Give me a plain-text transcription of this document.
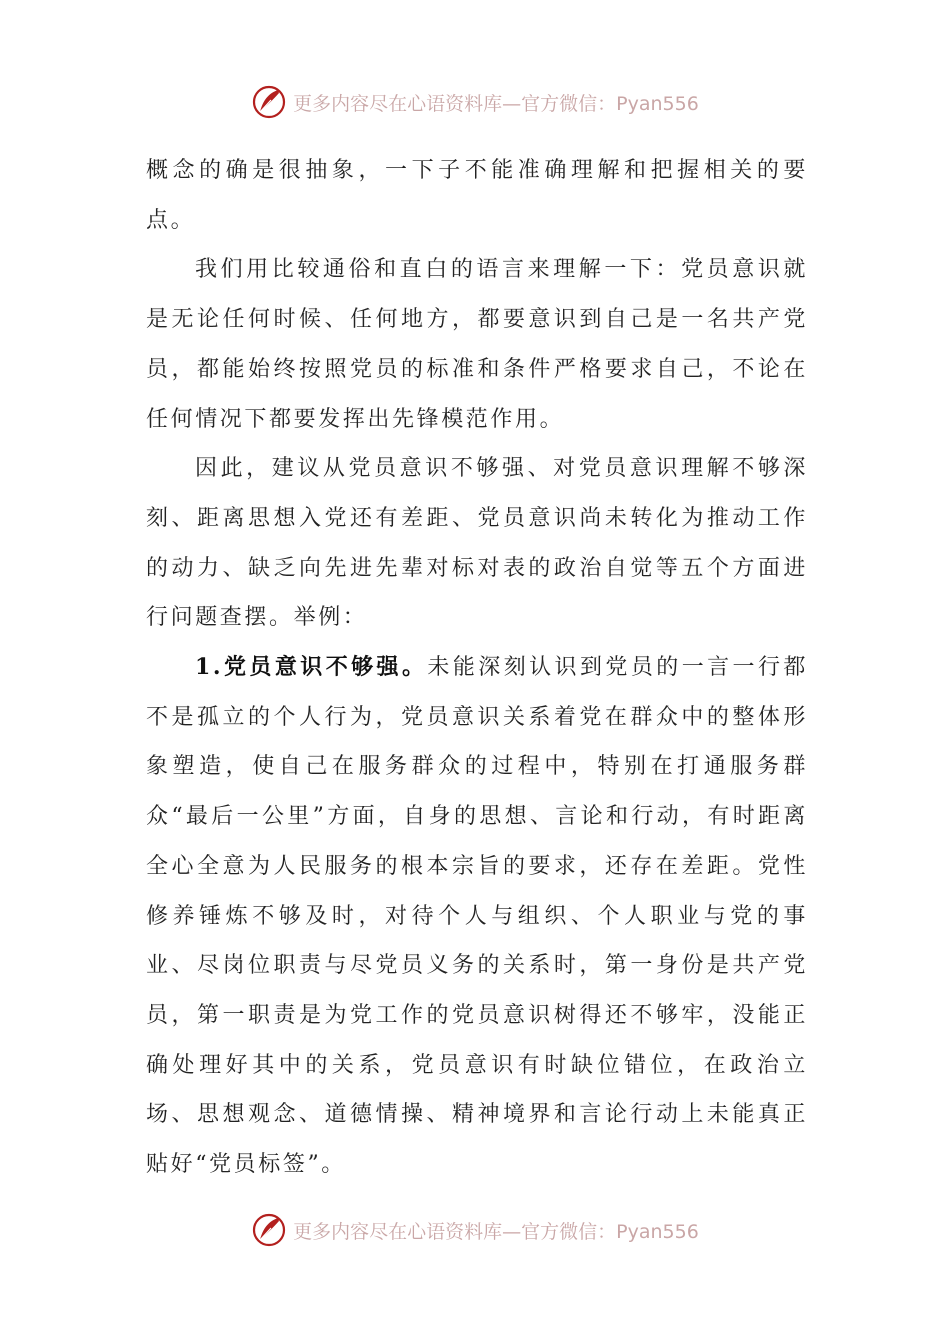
更多内容尽在心语资料库—官方微信：Pyan556

概念的确是很抽象，一下子不能准确理解和把握相关的要点。

我们用比较通俗和直白的语言来理解一下：党员意识就是无论任何时候、任何地方，都要意识到自己是一名共产党员，都能始终按照党员的标准和条件严格要求自己，不论在任何情况下都要发挥出先锋模范作用。

因此，建议从党员意识不够强、对党员意识理解不够深刻、距离思想入党还有差距、党员意识尚未转化为推动工作的动力、缺乏向先进先辈对标对表的政治自觉等五个方面进行问题查摆。举例：

1.党员意识不够强。未能深刻认识到党员的一言一行都不是孤立的个人行为，党员意识关系着党在群众中的整体形象塑造，使自己在服务群众的过程中，特别在打通服务群众“最后一公里”方面，自身的思想、言论和行动，有时距离全心全意为人民服务的根本宗旨的要求，还存在差距。党性修养锤炼不够及时，对待个人与组织、个人职业与党的事业、尽岗位职责与尽党员义务的关系时，第一身份是共产党员，第一职责是为党工作的党员意识树得还不够牢，没能正确处理好其中的关系，党员意识有时缺位错位，在政治立场、思想观念、道德情操、精神境界和言论行动上未能真正贴好“党员标签”。

更多内容尽在心语资料库—官方微信：Pyan556
